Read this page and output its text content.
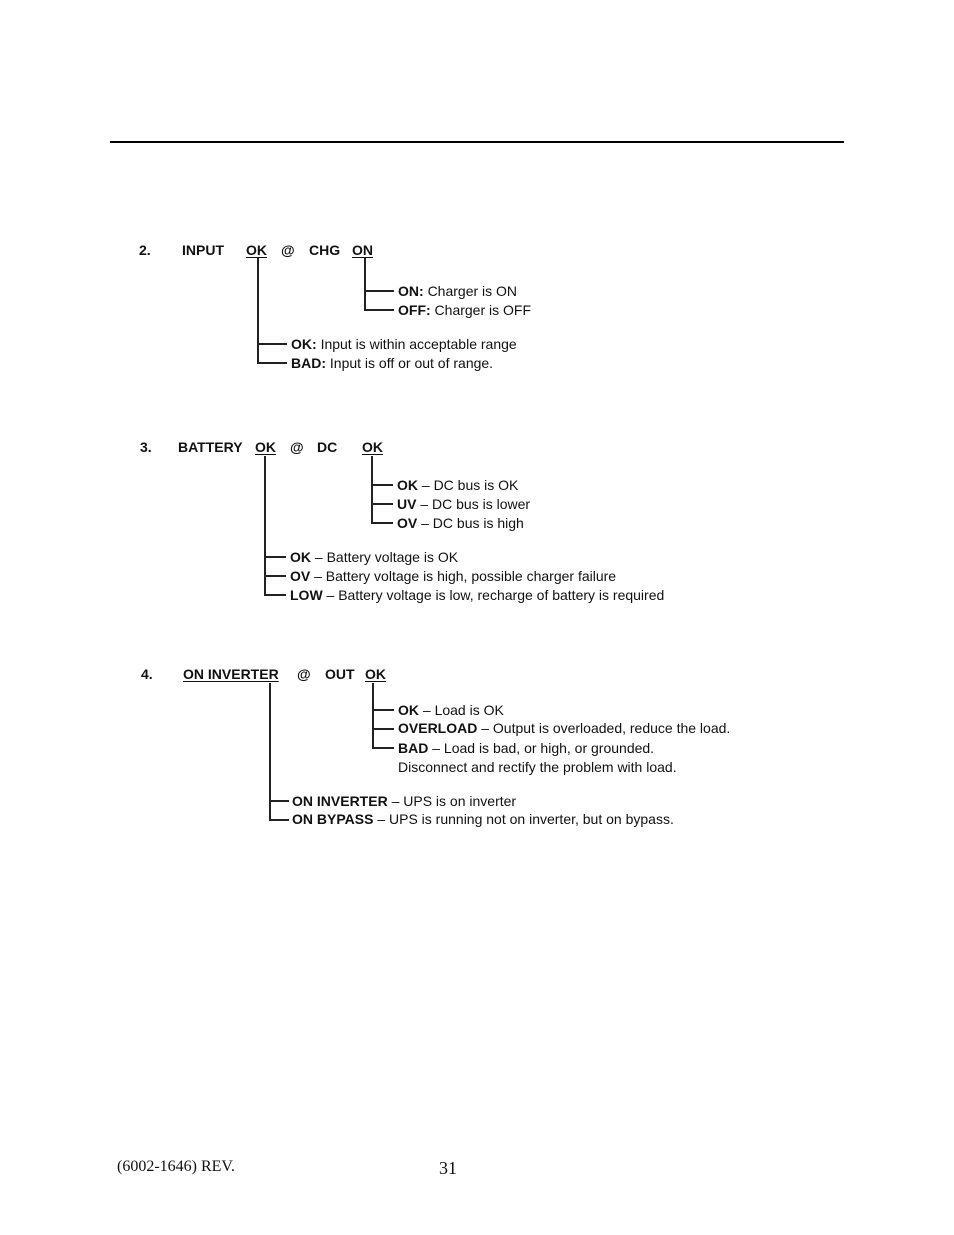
2. INPUT OK @ CHG ON
ON: Charger is ON
OFF: Charger is OFF
OK: Input is within acceptable range
BAD: Input is off or out of range.
3. BATTERY OK @ DC OK
OK – DC bus is OK
UV – DC bus is lower
OV – DC bus is high
OK – Battery voltage is OK
OV – Battery voltage is high, possible charger failure
LOW – Battery voltage is low, recharge of battery is required
4. ON INVERTER @ OUT OK
OK – Load is OK
OVERLOAD – Output is overloaded, reduce the load.
BAD – Load is bad, or high, or grounded.
Disconnect and rectify the problem with load.
ON INVERTER – UPS is on inverter
ON BYPASS – UPS is running not on inverter, but on bypass.
(6002-1646) REV.	31
